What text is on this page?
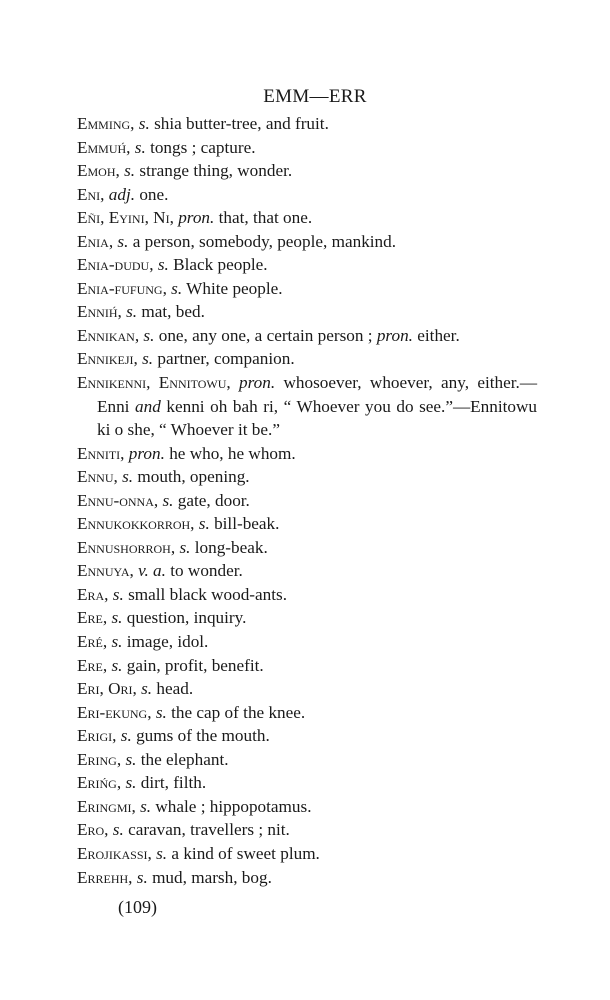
EMM—ERR
Emming, s. shia butter-tree, and fruit.
Emmuh́, s. tongs ; capture.
Emoh, s. strange thing, wonder.
Eni, adj. one.
Eñi, Eyini, Ni, pron. that, that one.
Enia, s. a person, somebody, people, mankind.
Enia-dudu, s. Black people.
Enia-fufung, s. White people.
Ennih́, s. mat, bed.
Ennikan, s. one, any one, a certain person ; pron. either.
Ennikeji, s. partner, companion.
Ennikenni, Ennitowu, pron. whosoever, whoever, any, either.—Enni and kenni oh bah ri, “ Whoever you do see.”—Ennitowu ki o she, “ Whoever it be.”
Enniti, pron. he who, he whom.
Ennu, s. mouth, opening.
Ennu-onna, s. gate, door.
Ennukokkorroh, s. bill-beak.
Ennushorroh, s. long-beak.
Ennuya, v. a. to wonder.
Era, s. small black wood-ants.
Ere, s. question, inquiry.
Eré, s. image, idol.
Ere, s. gain, profit, benefit.
Eri, Ori, s. head.
Eri-ekung, s. the cap of the knee.
Erigi, s. gums of the mouth.
Ering, s. the elephant.
Erińg, s. dirt, filth.
Eringmi, s. whale ; hippopotamus.
Ero, s. caravan, travellers ; nit.
Erojikassi, s. a kind of sweet plum.
Errehh, s. mud, marsh, bog.
(109)
